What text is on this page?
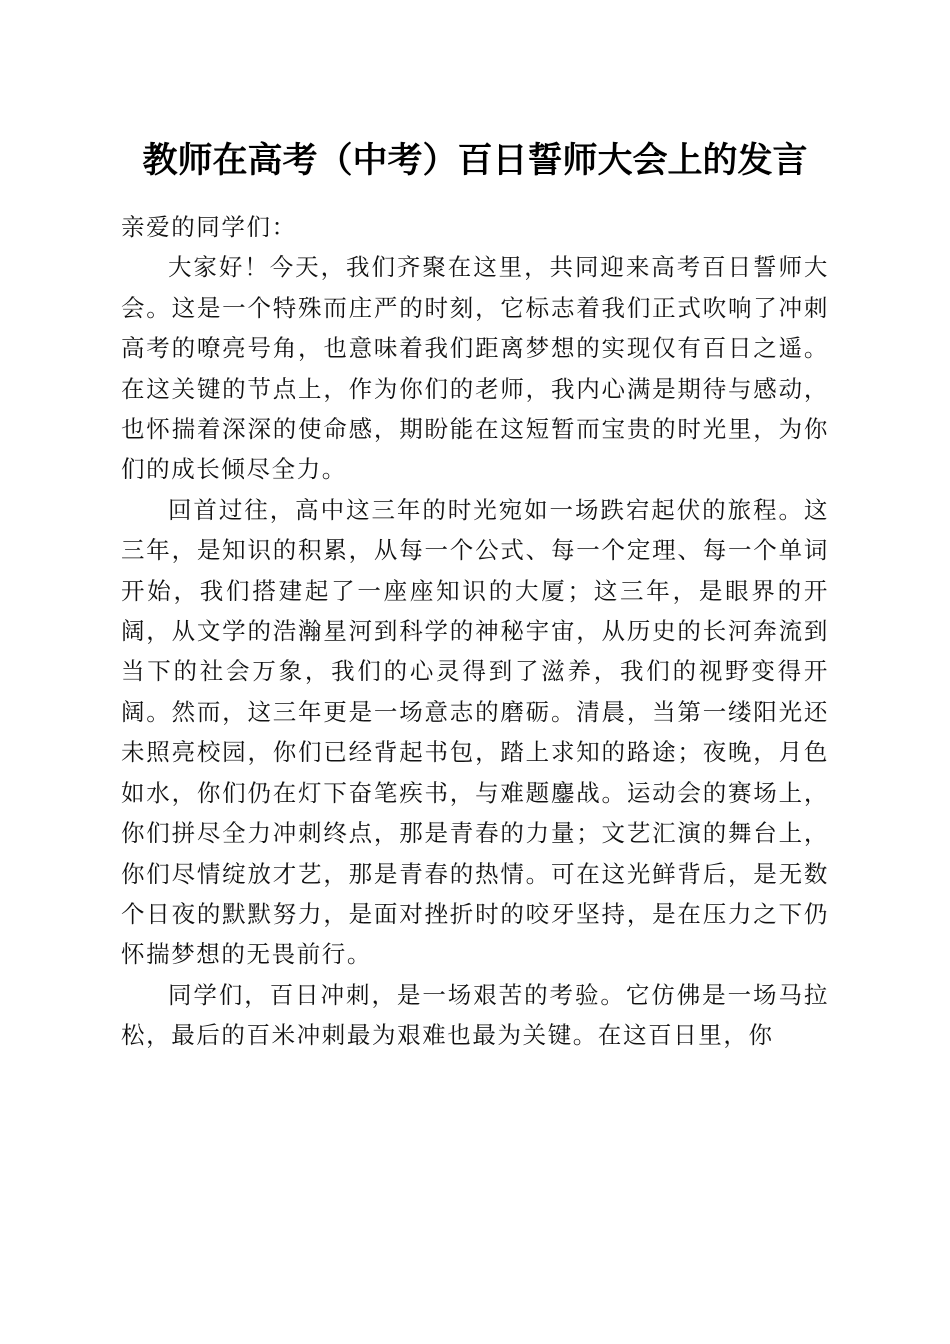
教师在高考（中考）百日誓师大会上的发言

亲爱的同学们：

大家好！今天，我们齐聚在这里，共同迎来高考百日誓师大会。这是一个特殊而庄严的时刻，它标志着我们正式吹响了冲刺高考的嘹亮号角，也意味着我们距离梦想的实现仅有百日之遥。在这关键的节点上，作为你们的老师，我内心满是期待与感动，也怀揣着深深的使命感，期盼能在这短暂而宝贵的时光里，为你们的成长倾尽全力。

回首过往，高中这三年的时光宛如一场跌宕起伏的旅程。这三年，是知识的积累，从每一个公式、每一个定理、每一个单词开始，我们搭建起了一座座知识的大厦；这三年，是眼界的开阔，从文学的浩瀚星河到科学的神秘宇宙，从历史的长河奔流到当下的社会万象，我们的心灵得到了滋养，我们的视野变得开阔。然而，这三年更是一场意志的磨砺。清晨，当第一缕阳光还未照亮校园，你们已经背起书包，踏上求知的路途；夜晚，月色如水，你们仍在灯下奋笔疾书，与难题鏖战。运动会的赛场上，你们拼尽全力冲刺终点，那是青春的力量；文艺汇演的舞台上，你们尽情绽放才艺，那是青春的热情。可在这光鲜背后，是无数个日夜的默默努力，是面对挫折时的咬牙坚持，是在压力之下仍怀揣梦想的无畏前行。

同学们，百日冲刺，是一场艰苦的考验。它仿佛是一场马拉松，最后的百米冲刺最为艰难也最为关键。在这百日里，你
